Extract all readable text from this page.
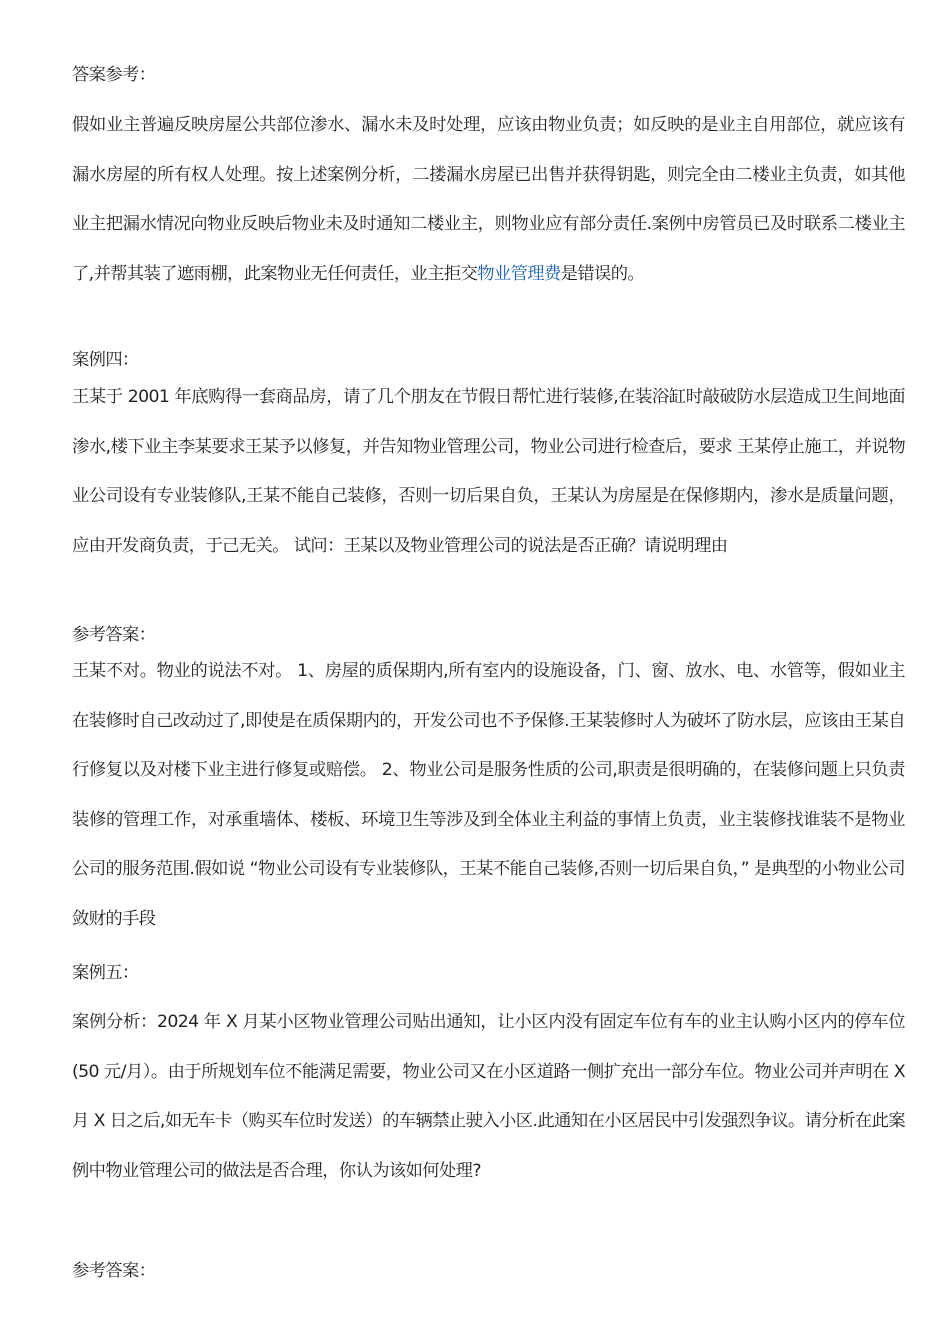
答案参考：

假如业主普遍反映房屋公共部位渗水、漏水未及时处理，应该由物业负责；如反映的是业主自用部位，就应该有漏水房屋的所有权人处理。按上述案例分析，二搂漏水房屋已出售并获得钥匙，则完全由二楼业主负责，如其他业主把漏水情况向物业反映后物业未及时通知二楼业主，则物业应有部分责任.案例中房管员已及时联系二楼业主了,并帮其装了遮雨棚，此案物业无任何责任，业主拒交物业管理费是错误的。

案例四：

王某于 2001 年底购得一套商品房，请了几个朋友在节假日帮忙进行装修,在装浴缸时敲破防水层造成卫生间地面渗水,楼下业主李某要求王某予以修复，并告知物业管理公司，物业公司进行检查后，要求 王某停止施工，并说物业公司设有专业装修队,王某不能自己装修，否则一切后果自负，王某认为房屋是在保修期内，渗水是质量问题，应由开发商负责，于己无关。 试问：王某以及物业管理公司的说法是否正确？请说明理由

参考答案：

王某不对。物业的说法不对。 1、房屋的质保期内,所有室内的设施设备，门、窗、放水、电、水管等，假如业主在装修时自己改动过了,即使是在质保期内的，开发公司也不予保修.王某装修时人为破坏了防水层，应该由王某自行修复以及对楼下业主进行修复或赔偿。 2、物业公司是服务性质的公司,职责是很明确的，在装修问题上只负责装修的管理工作，对承重墙体、楼板、环境卫生等涉及到全体业主利益的事情上负责，业主装修找谁装不是物业公司的服务范围.假如说 “物业公司设有专业装修队，王某不能自己装修,否则一切后果自负，” 是典型的小物业公司敛财的手段

案例五：

案例分析：2024 年 X 月某小区物业管理公司贴出通知，让小区内没有固定车位有车的业主认购小区内的停车位(50 元/月）。由于所规划车位不能满足需要，物业公司又在小区道路一侧扩充出一部分车位。物业公司并声明在 X 月 X 日之后,如无车卡（购买车位时发送）的车辆禁止驶入小区.此通知在小区居民中引发强烈争议。请分析在此案例中物业管理公司的做法是否合理，你认为该如何处理?

参考答案：
